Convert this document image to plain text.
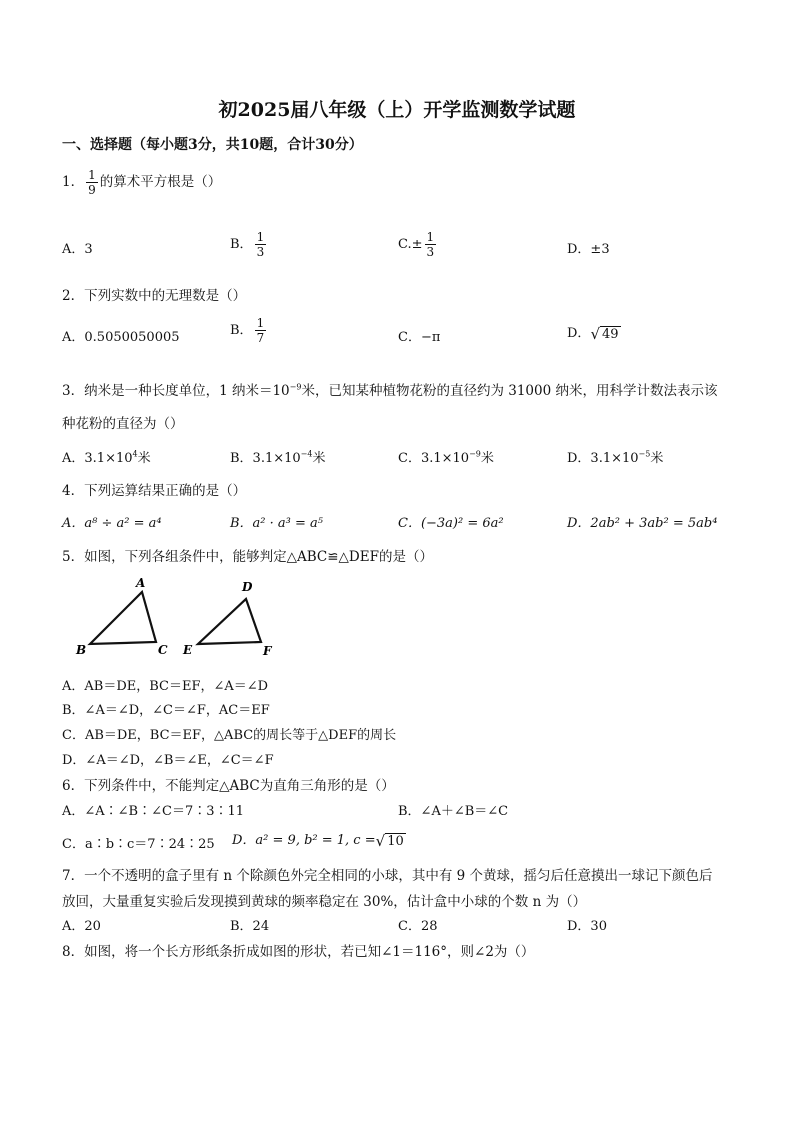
初2025届八年级（上）开学监测数学试题
一、选择题（每小题3分，共10题，合计30分）
1． $\frac{1}{9}$ 的算术平方根是（）
A．3	B． $\frac{1}{3}$	$C.\pm \frac{1}{3}$	D．±3
2．下列实数中的无理数是（）
A．0.5050050005	B． $\frac{1}{7}$	C．−π	D． √ 49
3．纳米是一种长度单位，1 纳米$=10^{-9}$米，已知某种植物花粉的直径约为 31000 纳米，用科学计数法表示该
种花粉的直径为（）
A．$3.1\times 10^4$米	B．$3.1\times 10^{-4}$米	C．$3.1\times 10^{-9}$米	D．$3.1\times 10^{-5}$米
4．下列运算结果正确的是（）
A．a⁸ ÷ a² = a⁴	B．a² · a³ = a⁵	C．(−3a)² = 6a²	D．2ab² + 3ab² = 5ab⁴
5．如图，下列各组条件中，能够判定△ABC≌△DEF的是（）
A
B	C
D
E	F
A．AB＝DE，BC＝EF，∠A＝∠D
B．∠A＝∠D，∠C＝∠F，AC＝EF
C．AB＝DE，BC＝EF，△ABC的周长等于△DEF的周长
D．∠A＝∠D，∠B＝∠E，∠C＝∠F
6．下列条件中，不能判定△ABC为直角三角形的是（）
A．∠A∶∠B∶∠C＝7∶3∶11	B．∠A＋∠B＝∠C
C．a∶b∶c＝7∶24∶25 D．a² = 9, b² = 1, c = √ 10
7．一个不透明的盒子里有 n 个除颜色外完全相同的小球，其中有 9 个黄球，摇匀后任意摸出一球记下颜色后
放回，大量重复实验后发现摸到黄球的频率稳定在 30%，估计盒中小球的个数 n 为（）
A．20	B．24	C．28	D．30
8．如图，将一个长方形纸条折成如图的形状，若已知∠1＝116°，则∠2为（）
